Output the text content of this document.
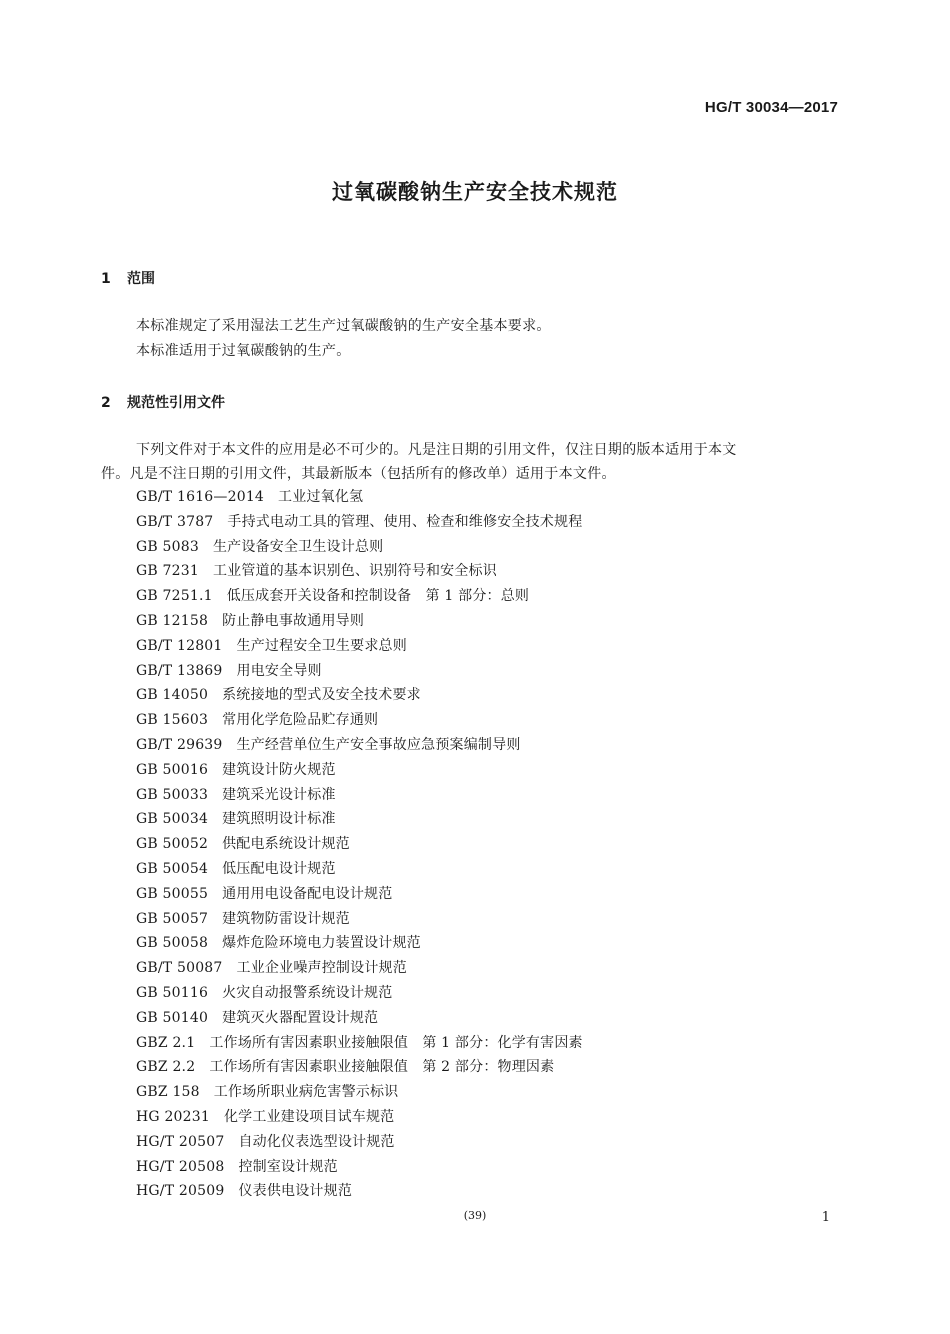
HG/T 30034—2017
过氧碳酸钠生产安全技术规范
1 范围
本标准规定了采用湿法工艺生产过氧碳酸钠的生产安全基本要求。
本标准适用于过氧碳酸钠的生产。
2 规范性引用文件
下列文件对于本文件的应用是必不可少的。凡是注日期的引用文件，仅注日期的版本适用于本文
件。凡是不注日期的引用文件，其最新版本（包括所有的修改单）适用于本文件。
GB/T 1616—2014 工业过氧化氢
GB/T 3787 手持式电动工具的管理、使用、检查和维修安全技术规程
GB 5083 生产设备安全卫生设计总则
GB 7231 工业管道的基本识别色、识别符号和安全标识
GB 7251.1 低压成套开关设备和控制设备　第 1 部分：总则
GB 12158 防止静电事故通用导则
GB/T 12801 生产过程安全卫生要求总则
GB/T 13869 用电安全导则
GB 14050 系统接地的型式及安全技术要求
GB 15603 常用化学危险品贮存通则
GB/T 29639 生产经营单位生产安全事故应急预案编制导则
GB 50016 建筑设计防火规范
GB 50033 建筑采光设计标准
GB 50034 建筑照明设计标准
GB 50052 供配电系统设计规范
GB 50054 低压配电设计规范
GB 50055 通用用电设备配电设计规范
GB 50057 建筑物防雷设计规范
GB 50058 爆炸危险环境电力装置设计规范
GB/T 50087 工业企业噪声控制设计规范
GB 50116 火灾自动报警系统设计规范
GB 50140 建筑灭火器配置设计规范
GBZ 2.1 工作场所有害因素职业接触限值　第 1 部分：化学有害因素
GBZ 2.2 工作场所有害因素职业接触限值　第 2 部分：物理因素
GBZ 158 工作场所职业病危害警示标识
HG 20231 化学工业建设项目试车规范
HG/T 20507 自动化仪表选型设计规范
HG/T 20508 控制室设计规范
HG/T 20509 仪表供电设计规范
(39)	1
